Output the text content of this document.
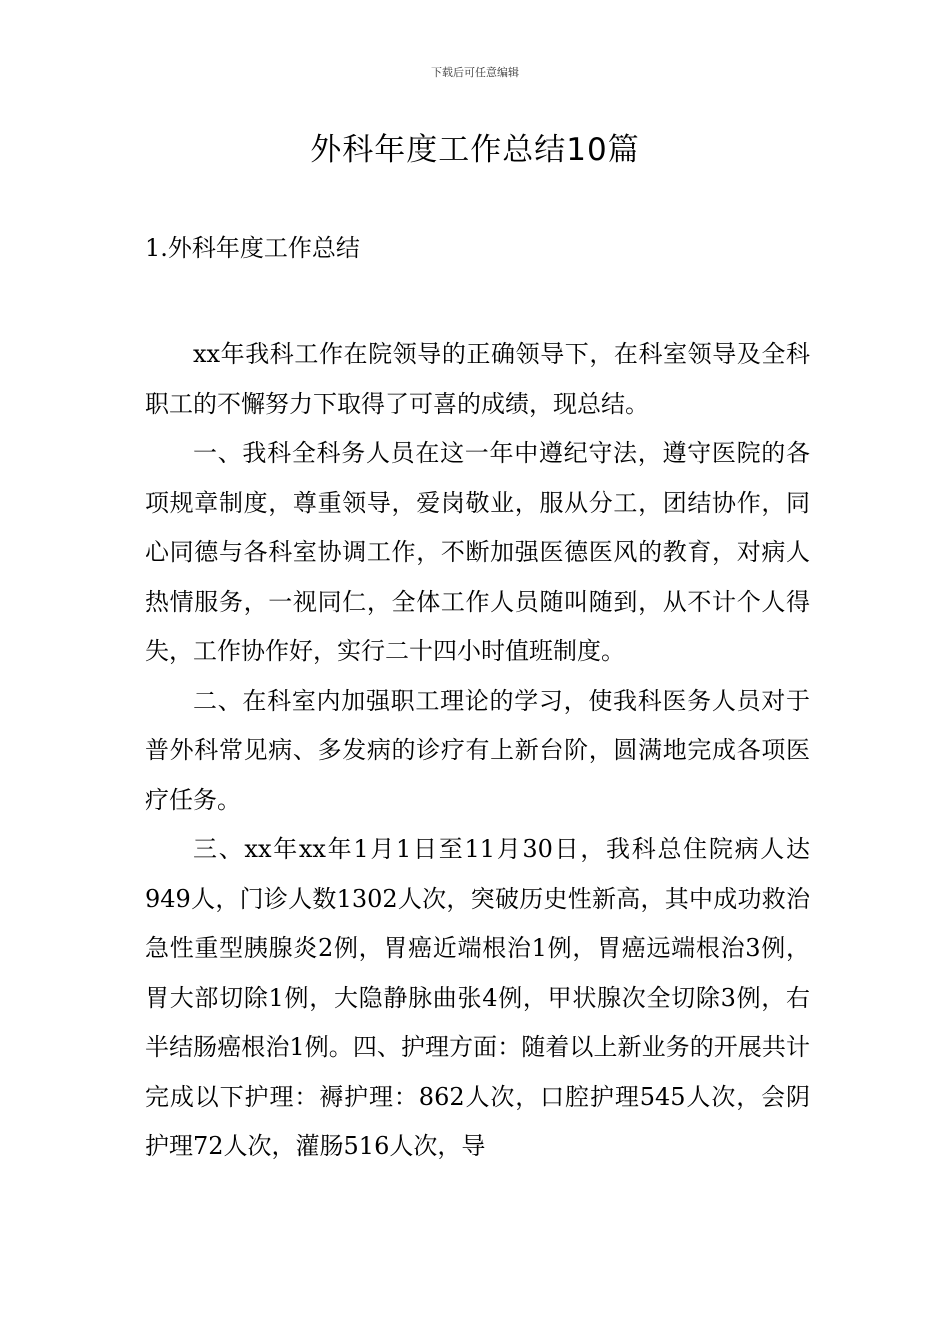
下载后可任意编辑
外科年度工作总结10篇
1.外科年度工作总结

xx年我科工作在院领导的正确领导下，在科室领导及全科职工的不懈努力下取得了可喜的成绩，现总结。

一、我科全科务人员在这一年中遵纪守法，遵守医院的各项规章制度，尊重领导，爱岗敬业，服从分工，团结协作，同心同德与各科室协调工作，不断加强医德医风的教育，对病人热情服务，一视同仁，全体工作人员随叫随到，从不计个人得失，工作协作好，实行二十四小时值班制度。

二、在科室内加强职工理论的学习，使我科医务人员对于普外科常见病、多发病的诊疗有上新台阶，圆满地完成各项医疗任务。

三、xx年xx年1月1日至11月30日，我科总住院病人达949人，门诊人数1302人次，突破历史性新高，其中成功救治急性重型胰腺炎2例，胃癌近端根治1例，胃癌远端根治3例，胃大部切除1例，大隐静脉曲张4例，甲状腺次全切除3例，右半结肠癌根治1例。四、护理方面：随着以上新业务的开展共计完成以下护理：褥护理：862人次，口腔护理545人次，会阴护理72人次，灌肠516人次，导
